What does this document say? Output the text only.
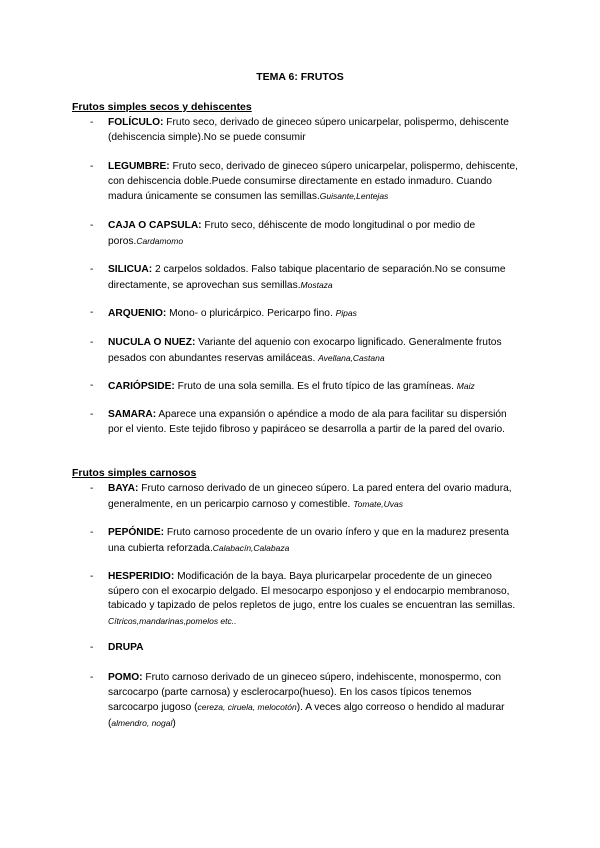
TEMA 6: FRUTOS
Frutos simples secos y dehiscentes
- FOLÍCULO: Fruto seco, derivado de gineceo súpero unicarpelar, polispermo, dehiscente (dehiscencia simple).No se puede consumir
- LEGUMBRE: Fruto seco, derivado de gineceo súpero unicarpelar, polispermo, dehiscente, con dehiscencia doble.Puede consumirse directamente en estado inmaduro. Cuando madura únicamente se consumen las semillas.Guisante,Lentejas
- CAJA O CAPSULA: Fruto seco, déhiscente de modo longitudinal o por medio de poros.Cardamomo
- SILICUA: 2 carpelos soldados. Falso tabique placentario de separación.No se consume directamente, se aprovechan sus semillas.Mostaza
- ARQUENIO: Mono- o pluricárpico. Pericarpo fino. Pipas
- NUCULA O NUEZ: Variante del aquenio con exocarpo lignificado. Generalmente frutos pesados con abundantes reservas amiláceas. Avellana,Castana
- CARIÓPSIDE: Fruto de una sola semilla. Es el fruto típico de las gramíneas. Maiz
- SAMARA: Aparece una expansión o apéndice a modo de ala para facilitar su dispersión por el viento. Este tejido fibroso y papiráceo se desarrolla a partir de la pared del ovario.
Frutos simples carnosos
- BAYA: Fruto carnoso derivado de un gineceo súpero. La pared entera del ovario madura, generalmente, en un pericarpio carnoso y comestible. Tomate,Uvas
- PEPÓNIDE: Fruto carnoso procedente de un ovario ínfero y que en la madurez presenta una cubierta reforzada.Calabacín,Calabaza
- HESPERIDIO: Modificación de la baya. Baya pluricarpelar procedente de un gineceo súpero con el exocarpio delgado. El mesocarpo esponjoso y el endocarpio membranoso, tabicado y tapizado de pelos repletos de jugo, entre los cuales se encuentran las semillas. Cítricos,mandarinas,pomelos etc..
- DRUPA
- POMO: Fruto carnoso derivado de un gineceo súpero, indehiscente, monospermo, con sarcocarpo (parte carnosa) y esclerocarpo(hueso). En los casos típicos tenemos sarcocarpo jugoso (cereza, ciruela, melocotón). A veces algo correoso o hendido al madurar (almendro, nogal)
